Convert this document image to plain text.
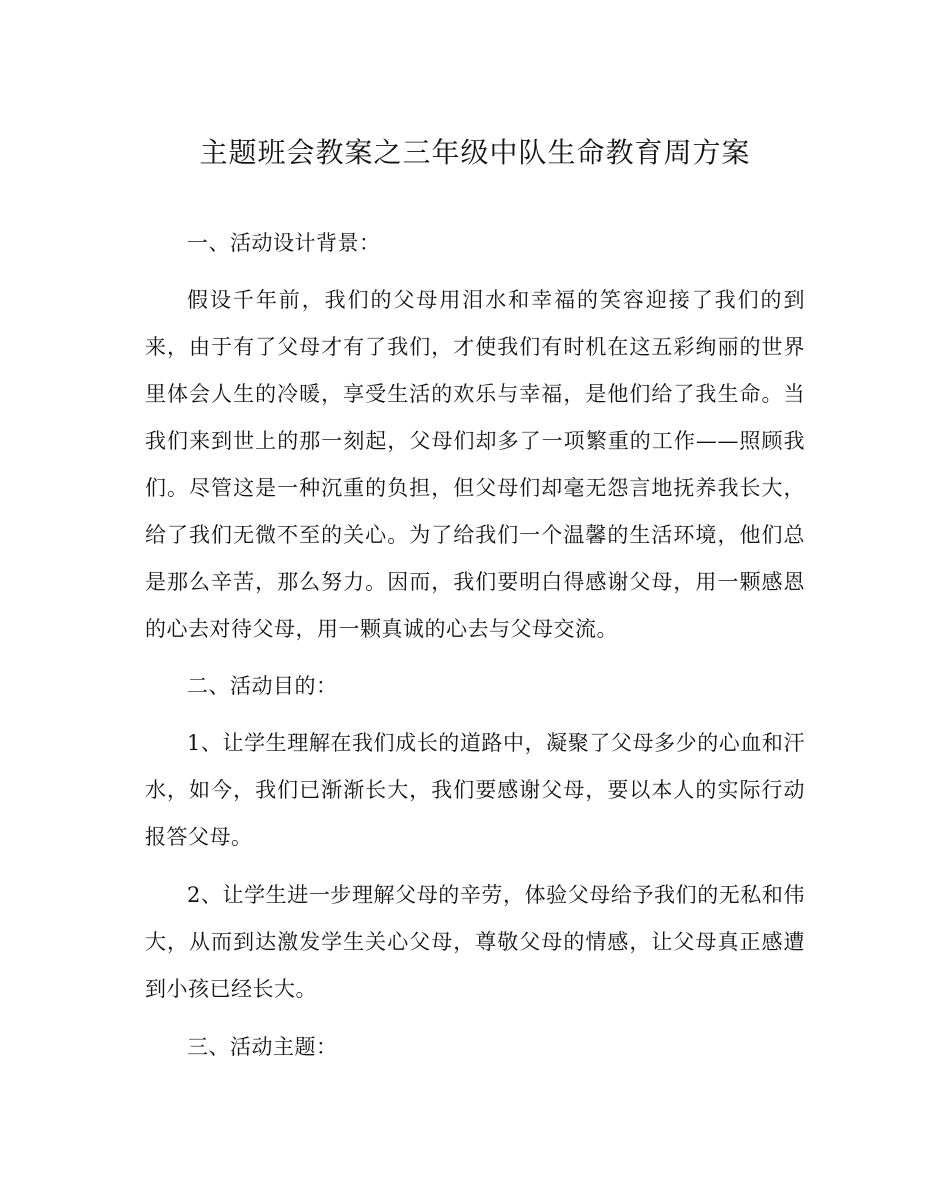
主题班会教案之三年级中队生命教育周方案

一、活动设计背景：

假设千年前，我们的父母用泪水和幸福的笑容迎接了我们的到来，由于有了父母才有了我们，才使我们有时机在这五彩绚丽的世界里体会人生的冷暖，享受生活的欢乐与幸福，是他们给了我生命。当我们来到世上的那一刻起，父母们却多了一项繁重的工作——照顾我们。尽管这是一种沉重的负担，但父母们却毫无怨言地抚养我长大，给了我们无微不至的关心。为了给我们一个温馨的生活环境，他们总是那么辛苦，那么努力。因而，我们要明白得感谢父母，用一颗感恩的心去对待父母，用一颗真诚的心去与父母交流。

二、活动目的：

1、让学生理解在我们成长的道路中，凝聚了父母多少的心血和汗水，如今，我们已渐渐长大，我们要感谢父母，要以本人的实际行动报答父母。

2、让学生进一步理解父母的辛劳，体验父母给予我们的无私和伟大，从而到达激发学生关心父母，尊敬父母的情感，让父母真正感遭到小孩已经长大。

三、活动主题：
